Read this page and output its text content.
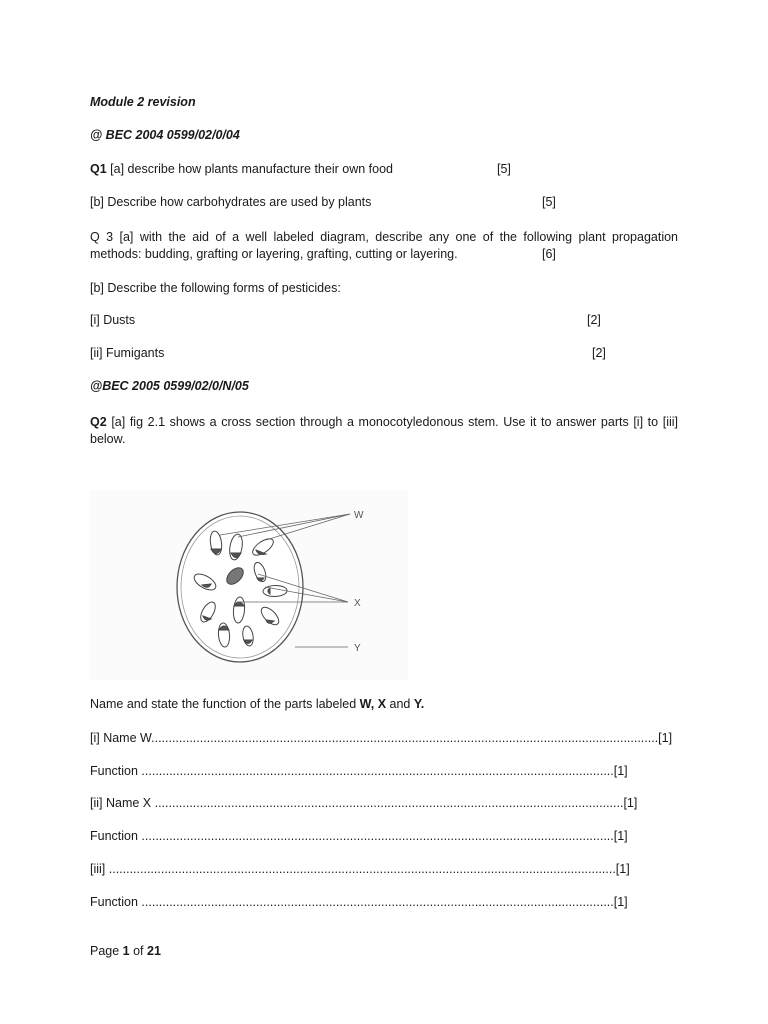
Module 2 revision
@ BEC 2004 0599/02/0/04
Q1 [a] describe how plants manufacture their own food	[5]
[b] Describe how carbohydrates are used by plants	[5]
Q 3 [a] with the aid of a well labeled diagram, describe any one of the following plant propagation
methods: budding, grafting or layering, grafting, cutting or layering.	[6]
[b] Describe the following forms of pesticides:
[i] Dusts	[2]
[ii] Fumigants	[2]
@BEC 2005 0599/02/0/N/05
Q2 [a] fig 2.1 shows a cross section through a monocotyledonous stem. Use it to answer parts [i] to [iii]
below.
W
X
Y
Name and state the function of the parts labeled W, X and Y.
[i] Name W..................................................................................................................................................[1]
Function ........................................................................................................................................[1]
[ii] Name X .......................................................................................................................................[1]
Function ........................................................................................................................................[1]
[iii] ..................................................................................................................................................[1]
Function ........................................................................................................................................[1]
Page 1 of 21
